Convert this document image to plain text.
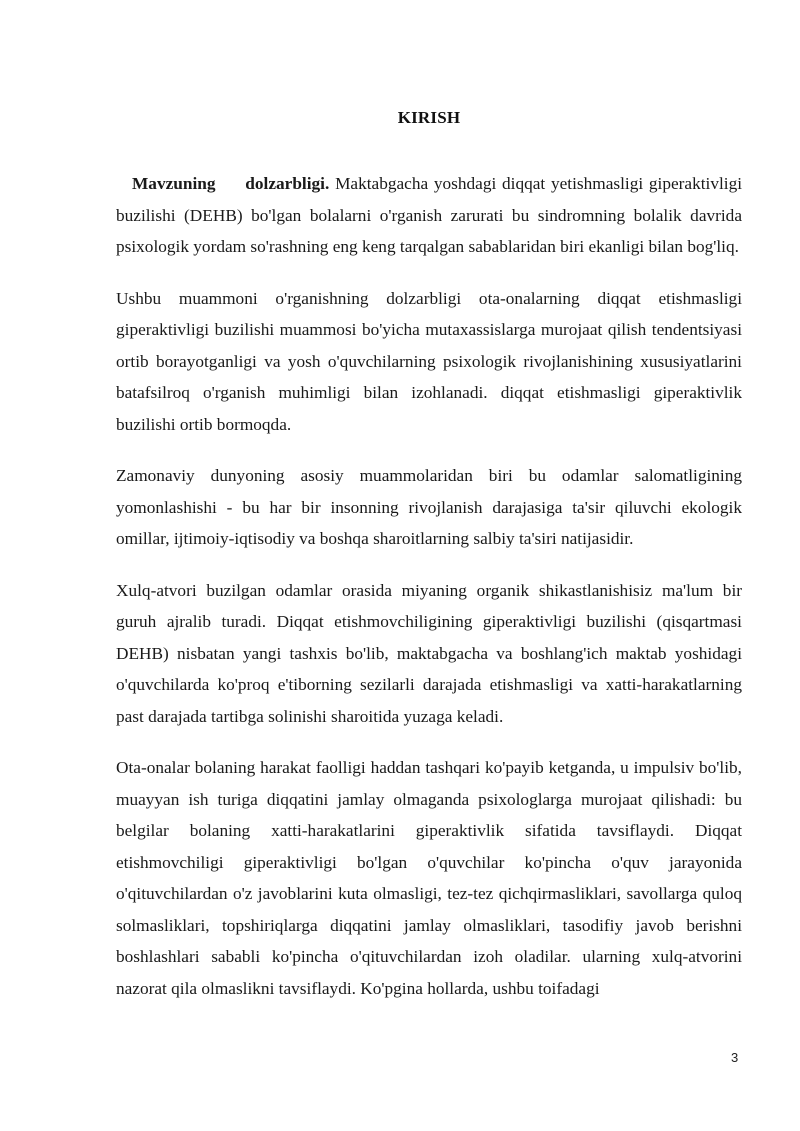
KIRISH

Mavzuning dolzarbligi. Maktabgacha yoshdagi diqqat yetishmasligi giperaktivligi buzilishi (DEHB) bo'lgan bolalarni o'rganish zarurati bu sindromning bolalik davrida psixologik yordam so'rashning eng keng tarqalgan sabablaridan biri ekanligi bilan bog'liq.

Ushbu muammoni o'rganishning dolzarbligi ota-onalarning diqqat etishmasligi giperaktivligi buzilishi muammosi bo'yicha mutaxassislarga murojaat qilish tendentsiyasi ortib borayotganligi va yosh o'quvchilarning psixologik rivojlanishining xususiyatlarini batafsilroq o'rganish muhimligi bilan izohlanadi. diqqat etishmasligi giperaktivlik buzilishi ortib bormoqda.

Zamonaviy dunyoning asosiy muammolaridan biri bu odamlar salomatligining yomonlashishi - bu har bir insonning rivojlanish darajasiga ta'sir qiluvchi ekologik omillar, ijtimoiy-iqtisodiy va boshqa sharoitlarning salbiy ta'siri natijasidir.

Xulq-atvori buzilgan odamlar orasida miyaning organik shikastlanishisiz ma'lum bir guruh ajralib turadi. Diqqat etishmovchiligining giperaktivligi buzilishi (qisqartmasi DEHB) nisbatan yangi tashxis bo'lib, maktabgacha va boshlang'ich maktab yoshidagi o'quvchilarda ko'proq e'tiborning sezilarli darajada etishmasligi va xatti-harakatlarning past darajada tartibga solinishi sharoitida yuzaga keladi.

Ota-onalar bolaning harakat faolligi haddan tashqari ko'payib ketganda, u impulsiv bo'lib, muayyan ish turiga diqqatini jamlay olmaganda psixologlarga murojaat qilishadi: bu belgilar bolaning xatti-harakatlarini giperaktivlik sifatida tavsiflaydi. Diqqat etishmovchiligi giperaktivligi bo'lgan o'quvchilar ko'pincha o'quv jarayonida o'qituvchilardan o'z javoblarini kuta olmasligi, tez-tez qichqirmasliklari, savollarga quloq solmasliklari, topshiriqlarga diqqatini jamlay olmasliklari, tasodifiy javob berishni boshlashlari sababli ko'pincha o'qituvchilardan izoh oladilar. ularning xulq-atvorini nazorat qila olmaslikni tavsiflaydi. Ko'pgina hollarda, ushbu toifadagi

3
